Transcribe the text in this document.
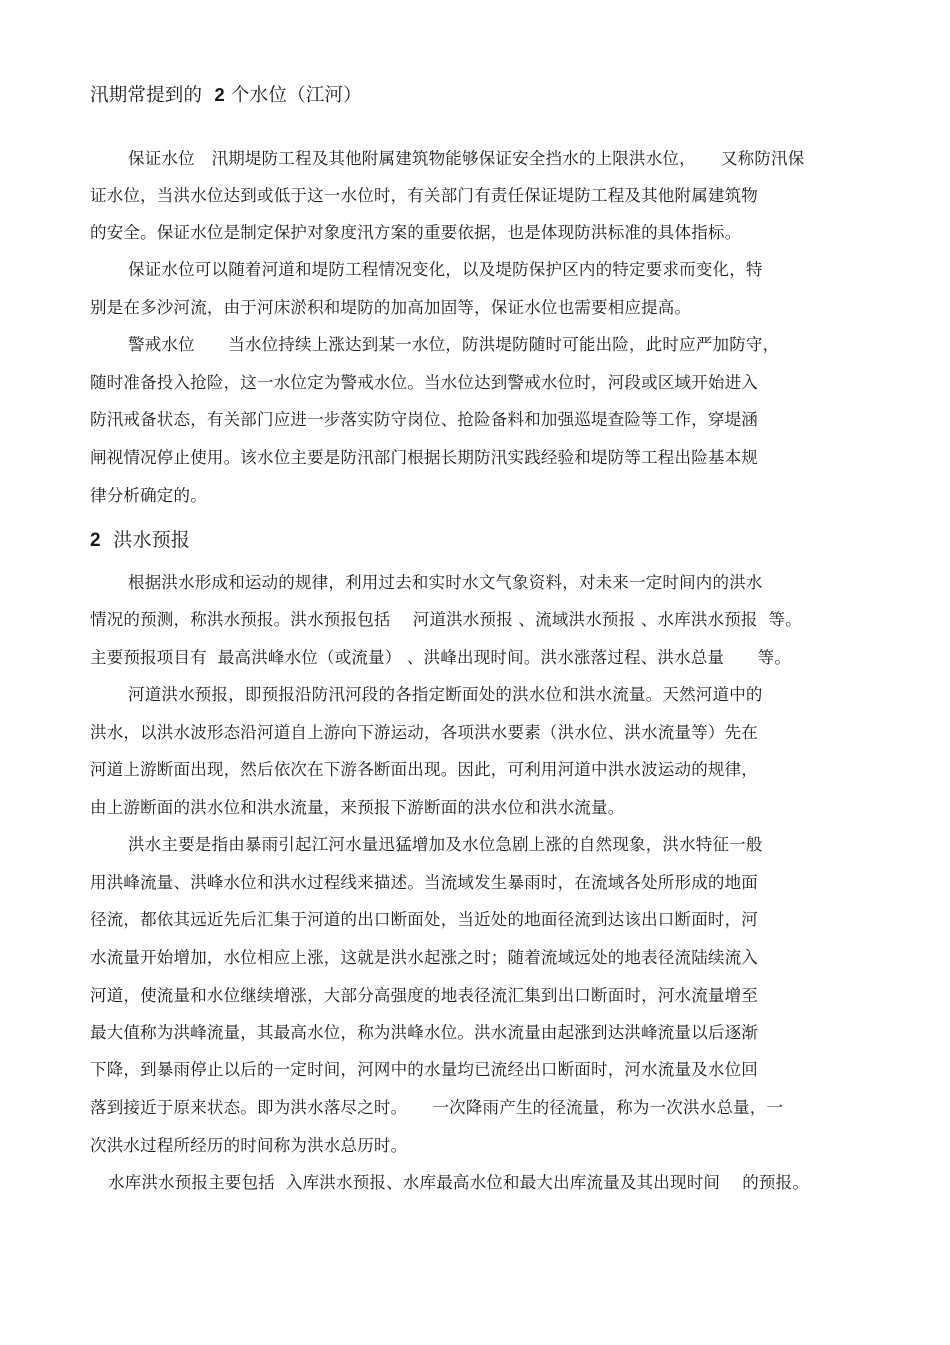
汛期常提到的 2 个水位（江河）
保证水位　汛期堤防工程及其他附属建筑物能够保证安全挡水的上限洪水位，　　又称防汛保
证水位，当洪水位达到或低于这一水位时，有关部门有责任保证堤防工程及其他附属建筑物
的安全。保证水位是制定保护对象度汛方案的重要依据，也是体现防洪标准的具体指标。
保证水位可以随着河道和堤防工程情况变化，以及堤防保护区内的特定要求而变化，特
别是在多沙河流，由于河床淤积和堤防的加高加固等，保证水位也需要相应提高。
警戒水位　　当水位持续上涨达到某一水位，防洪堤防随时可能出险，此时应严加防守，
随时准备投入抢险，这一水位定为警戒水位。当水位达到警戒水位时，河段或区域开始进入
防汛戒备状态，有关部门应进一步落实防守岗位、抢险备料和加强巡堤查险等工作，穿堤涵
闸视情况停止使用。该水位主要是防汛部门根据长期防汛实践经验和堤防等工程出险基本规
律分析确定的。
2 洪水预报
根据洪水形成和运动的规律，利用过去和实时水文气象资料，对未来一定时间内的洪水
情况的预测，称洪水预报。洪水预报包括　 河道洪水预报 、流域洪水预报 、水库洪水预报  等。
主要预报项目有  最高洪峰水位（或流量） 、洪峰出现时间。洪水涨落过程、洪水总量　　等。
河道洪水预报，即预报沿防汛河段的各指定断面处的洪水位和洪水流量。天然河道中的
洪水，以洪水波形态沿河道自上游向下游运动，各项洪水要素（洪水位、洪水流量等）先在
河道上游断面出现，然后依次在下游各断面出现。因此，可利用河道中洪水波运动的规律，
由上游断面的洪水位和洪水流量，来预报下游断面的洪水位和洪水流量。
洪水主要是指由暴雨引起江河水量迅猛增加及水位急剧上涨的自然现象，洪水特征一般
用洪峰流量、洪峰水位和洪水过程线来描述。当流域发生暴雨时，在流域各处所形成的地面
径流，都依其远近先后汇集于河道的出口断面处，当近处的地面径流到达该出口断面时，河
水流量开始增加，水位相应上涨，这就是洪水起涨之时；随着流域远处的地表径流陆续流入
河道，使流量和水位继续增涨，大部分高强度的地表径流汇集到出口断面时，河水流量增至
最大值称为洪峰流量，其最高水位，称为洪峰水位。洪水流量由起涨到达洪峰流量以后逐渐
下降，到暴雨停止以后的一定时间，河网中的水量均已流经出口断面时，河水流量及水位回
落到接近于原来状态。即为洪水落尽之时。　　一次降雨产生的径流量，称为一次洪水总量，一
次洪水过程所经历的时间称为洪水总历时。
水库洪水预报主要包括  入库洪水预报、水库最高水位和最大出库流量及其出现时间　 的预报。
